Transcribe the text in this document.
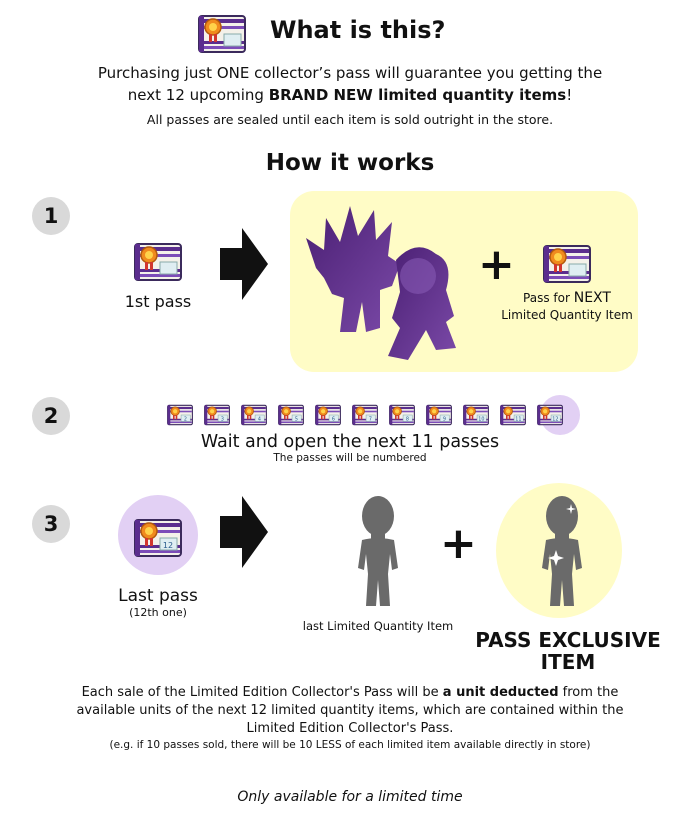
What is this?
Purchasing just ONE collector’s pass will guarantee you getting the
next 12 upcoming BRAND NEW limited quantity items!
All passes are sealed until each item is sold outright in the store.
How it works
1
1st pass
+
Pass for NEXT
Limited Quantity Item
2	2	3	4	5	6	7	8	9	10	11	12
Wait and open the next 11 passes
The passes will be numbered
3
12
Last pass
(12th one)
last Limited Quantity Item
+
PASS EXCLUSIVE
ITEM
Each sale of the Limited Edition Collector's Pass will be a unit deducted from the
available units of the next 12 limited quantity items, which are contained within the
Limited Edition Collector's Pass.
(e.g. if 10 passes sold, there will be 10 LESS of each limited item available directly in store)
Only available for a limited time
